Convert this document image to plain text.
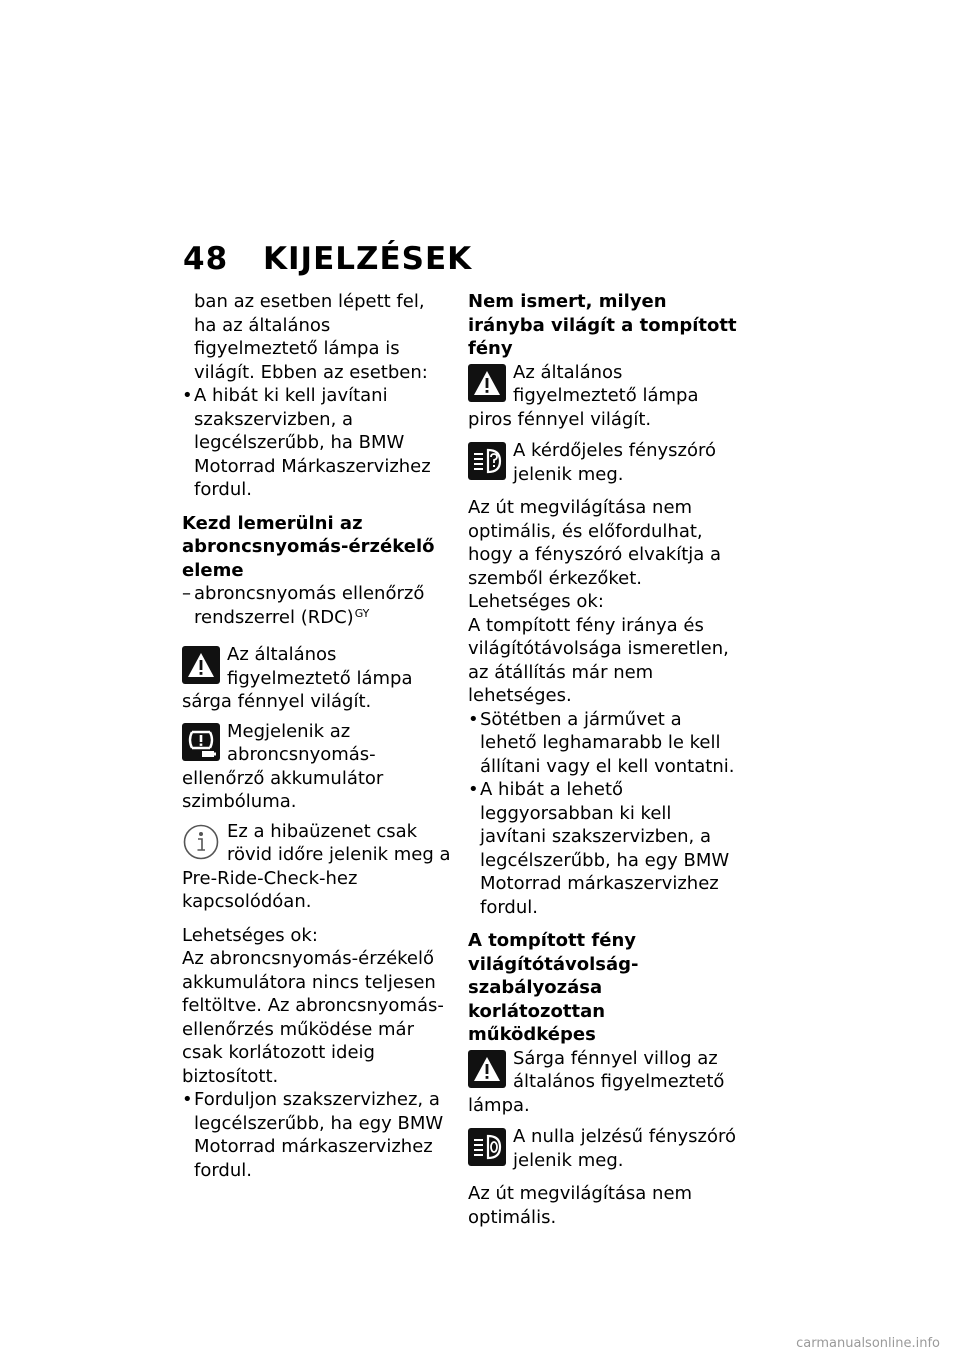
48 KIJELZÉSEK

ban az esetben lépett fel, ha az általános figyelmeztető lámpa is világít. Ebben az esetben:

• A hibát ki kell javítani szakszervizben, a legcélszerűbb, ha BMW Motorrad Márkaszervizhez fordul.

Kezd lemerülni az abroncsnyomás-érzékelő eleme

– abroncsnyomás ellenőrző rendszerrel (RDC)$^{GY}$

Az általános figyelmeztető lámpa sárga fénnyel világít.

Megjelenik az abroncsnyomás-ellenőrző akkumulátor szimbóluma.

Ez a hibaüzenet csak rövid időre jelenik meg a Pre-Ride-Check-hez kapcsolódóan.

Lehetséges ok:

Az abroncsnyomás-érzékelő akkumulátora nincs teljesen feltöltve. Az abroncsnyomás-ellenőrzés működése már csak korlátozott ideig biztosított.

• Forduljon szakszervizhez, a legcélszerűbb, ha egy BMW Motorrad márkaszervizhez fordul.

Nem ismert, milyen irányba világít a tompított fény

Az általános figyelmeztető lámpa piros fénnyel világít.

A kérdőjeles fényszóró jelenik meg.

Az út megvilágítása nem optimális, és előfordulhat, hogy a fényszóró elvakítja a szemből érkezőket.

Lehetséges ok:

A tompított fény iránya és világítótávolsága ismeretlen, az átállítás már nem lehetséges.

• Sötétben a járművet a lehető leghamarabb le kell állítani vagy el kell vontatni.

• A hibát a lehető leggyorsabban ki kell javítani szakszervizben, a legcélszerűbb, ha egy BMW Motorrad márkaszervizhez fordul.

A tompított fény világítótávolság-szabályozása korlátozottan működképes

Sárga fénnyel villog az általános figyelmeztető lámpa.

A nulla jelzésű fényszóró jelenik meg.

Az út megvilágítása nem optimális.

carmanualsonline.info
